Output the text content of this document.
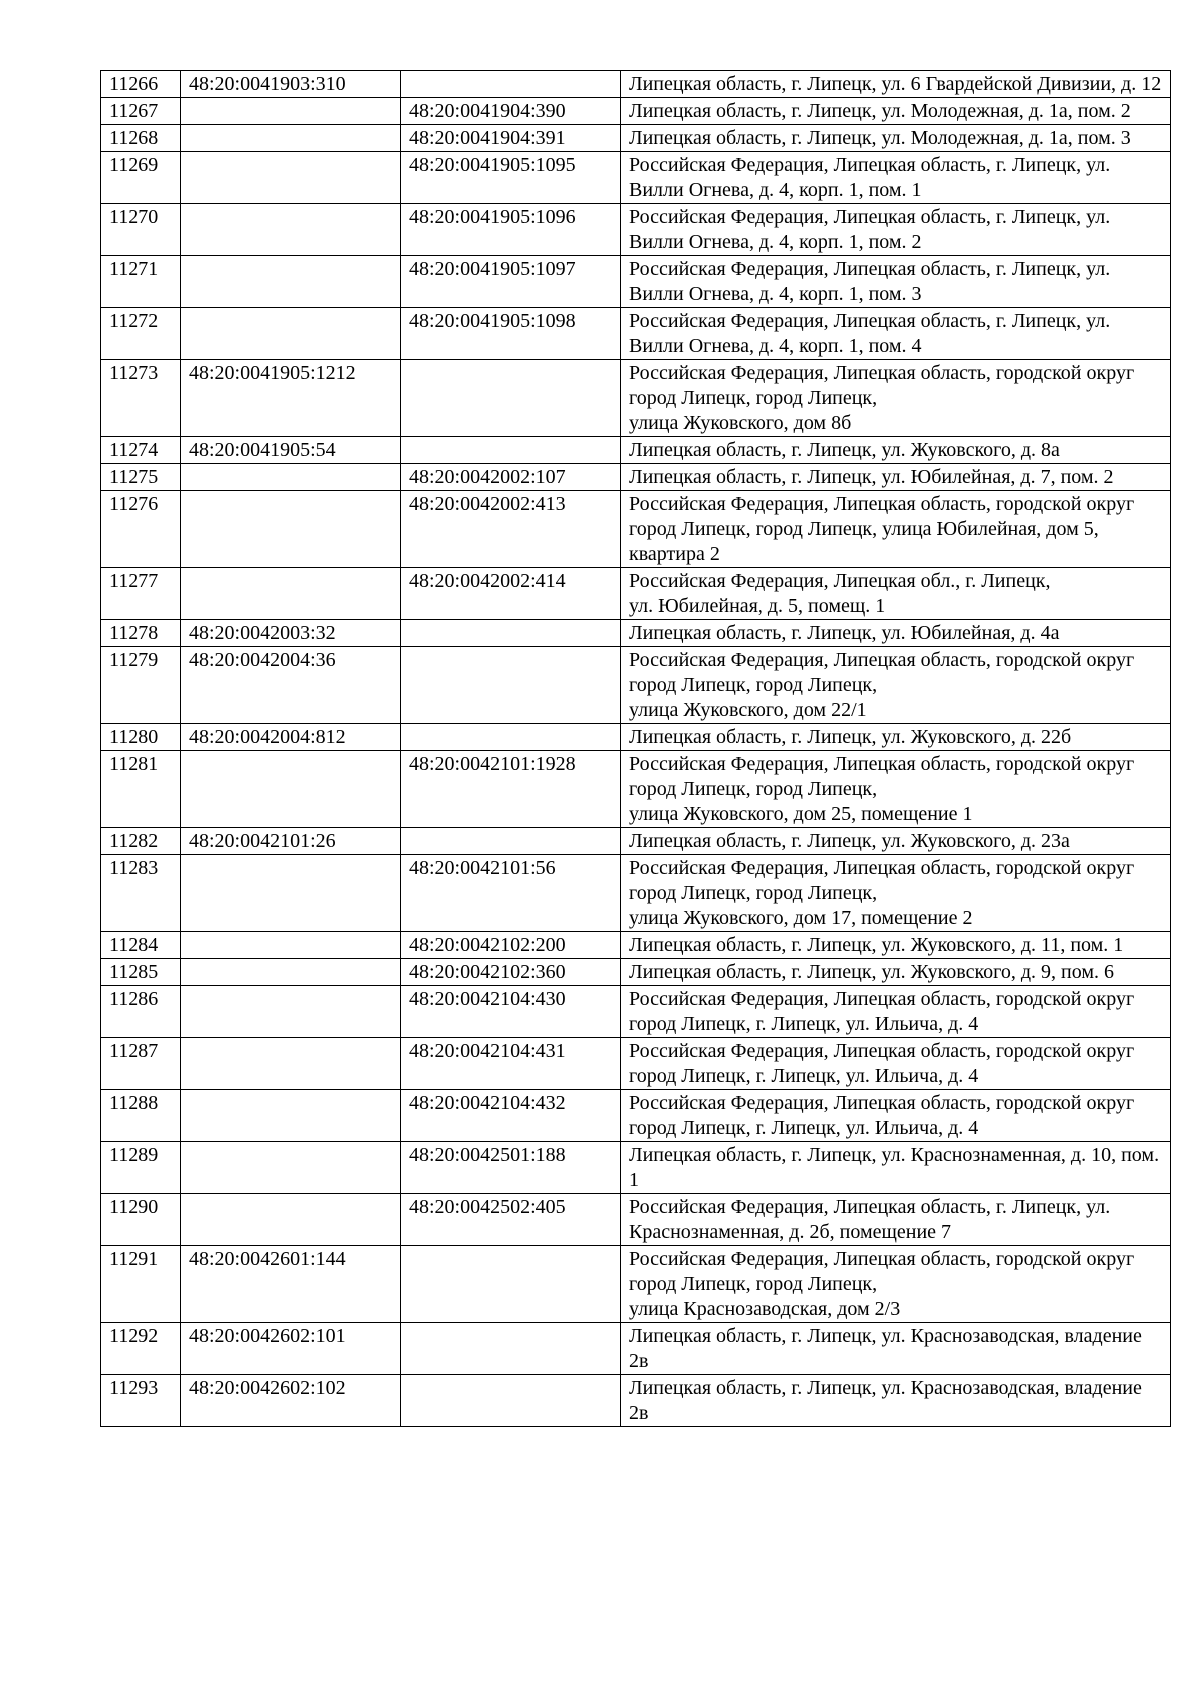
11266	48:20:0041903:310		Липецкая область, г. Липецк, ул. 6 Гвардейской Дивизии, д. 12
11267		48:20:0041904:390	Липецкая область, г. Липецк, ул. Молодежная, д. 1а, пом. 2
11268		48:20:0041904:391	Липецкая область, г. Липецк, ул. Молодежная, д. 1а, пом. 3
11269		48:20:0041905:1095	Российская Федерация, Липецкая область, г. Липецк, ул. Вилли Огнева, д. 4, корп. 1, пом. 1
11270		48:20:0041905:1096	Российская Федерация, Липецкая область, г. Липецк, ул. Вилли Огнева, д. 4, корп. 1, пом. 2
11271		48:20:0041905:1097	Российская Федерация, Липецкая область, г. Липецк, ул. Вилли Огнева, д. 4, корп. 1, пом. 3
11272		48:20:0041905:1098	Российская Федерация, Липецкая область, г. Липецк, ул. Вилли Огнева, д. 4, корп. 1, пом. 4
11273	48:20:0041905:1212		Российская Федерация, Липецкая область, городской округ город Липецк, город Липецк,
улица Жуковского, дом 8б
11274	48:20:0041905:54		Липецкая область, г. Липецк, ул. Жуковского, д. 8а
11275		48:20:0042002:107	Липецкая область, г. Липецк, ул. Юбилейная, д. 7, пом. 2
11276		48:20:0042002:413	Российская Федерация, Липецкая область, городской округ город Липецк, город Липецк, улица Юбилейная, дом 5, квартира 2
11277		48:20:0042002:414	Российская Федерация, Липецкая обл., г. Липецк,
ул. Юбилейная, д. 5, помещ. 1
11278	48:20:0042003:32		Липецкая область, г. Липецк, ул. Юбилейная, д. 4а
11279	48:20:0042004:36		Российская Федерация, Липецкая область, городской округ город Липецк, город Липецк,
улица Жуковского, дом 22/1
11280	48:20:0042004:812		Липецкая область, г. Липецк, ул. Жуковского, д. 22б
11281		48:20:0042101:1928	Российская Федерация, Липецкая область, городской округ город Липецк, город Липецк,
улица Жуковского, дом 25, помещение 1
11282	48:20:0042101:26		Липецкая область, г. Липецк, ул. Жуковского, д. 23а
11283		48:20:0042101:56	Российская Федерация, Липецкая область, городской округ город Липецк, город Липецк,
улица Жуковского, дом 17, помещение 2
11284		48:20:0042102:200	Липецкая область, г. Липецк, ул. Жуковского, д. 11, пом. 1
11285		48:20:0042102:360	Липецкая область, г. Липецк, ул. Жуковского, д. 9, пом. 6
11286		48:20:0042104:430	Российская Федерация, Липецкая область, городской округ город Липецк, г. Липецк, ул. Ильича, д. 4
11287		48:20:0042104:431	Российская Федерация, Липецкая область, городской округ город Липецк, г. Липецк, ул. Ильича, д. 4
11288		48:20:0042104:432	Российская Федерация, Липецкая область, городской округ город Липецк, г. Липецк, ул. Ильича, д. 4
11289		48:20:0042501:188	Липецкая область, г. Липецк, ул. Краснознаменная, д. 10, пом. 1
11290		48:20:0042502:405	Российская Федерация, Липецкая область, г. Липецк, ул. Краснознаменная, д. 2б, помещение 7
11291	48:20:0042601:144		Российская Федерация, Липецкая область, городской округ город Липецк, город Липецк,
улица Краснозаводская, дом 2/3
11292	48:20:0042602:101		Липецкая область, г. Липецк, ул. Краснозаводская, владение 2в
11293	48:20:0042602:102		Липецкая область, г. Липецк, ул. Краснозаводская, владение 2в
